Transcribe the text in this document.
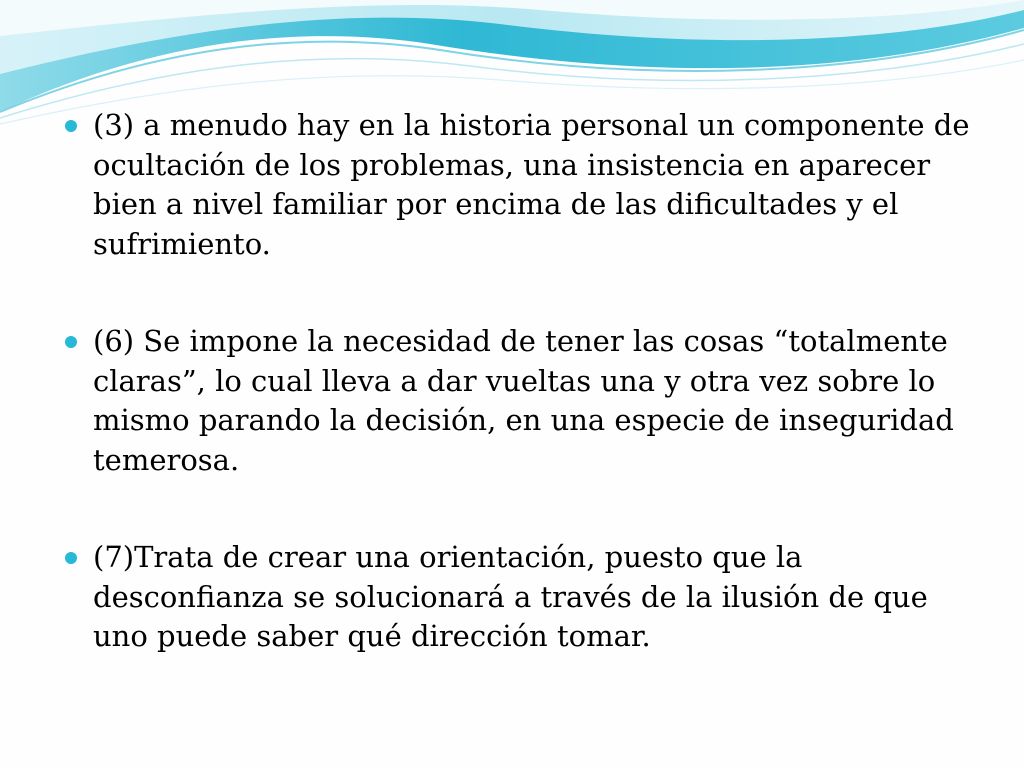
(3) a menudo hay en la historia personal un componente de ocultación de los problemas, una insistencia en aparecer bien a nivel familiar por encima de las dificultades y el sufrimiento.
(6) Se impone la necesidad de tener las cosas “totalmente claras”, lo cual lleva a dar vueltas una y otra vez sobre lo mismo parando la decisión, en una especie de inseguridad temerosa.
(7)Trata de crear una orientación, puesto que la desconfianza se solucionará a través de la ilusión de que uno puede saber qué dirección tomar.
